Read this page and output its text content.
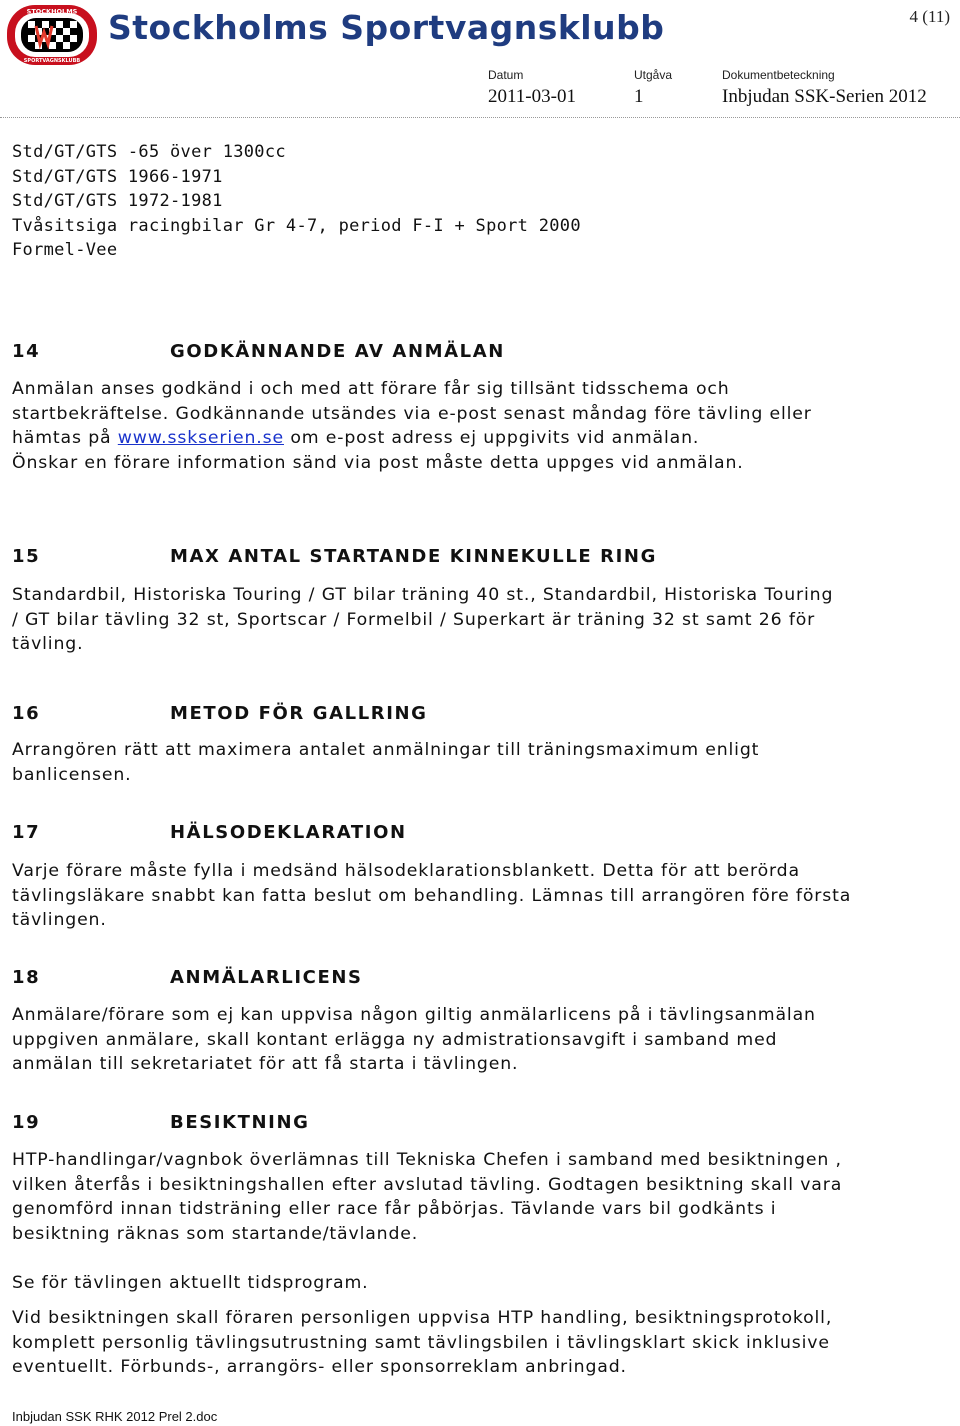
STOCKHOLMS
SPORTVAGNSKLUBB
Stockholms Sportvagnsklubb	4 (11)
Datum	Utgåva	Dokumentbeteckning
2011-03-01	1	Inbjudan SSK-Serien 2012
Std/GT/GTS -65 över 1300cc
Std/GT/GTS 1966-1971
Std/GT/GTS 1972-1981
Tvåsitsiga racingbilar Gr 4-7, period F-I + Sport 2000
Formel-Vee
14	GODKÄNNANDE AV ANMÄLAN
Anmälan anses godkänd i och med att förare får sig tillsänt tidsschema och
startbekräftelse. Godkännande utsändes via e-post senast måndag före tävling eller
hämtas på www.sskserien.se om e-post adress ej uppgivits vid anmälan.
Önskar en förare information sänd via post måste detta uppges vid anmälan.
15	MAX ANTAL STARTANDE KINNEKULLE RING
Standardbil, Historiska Touring / GT bilar träning 40 st., Standardbil, Historiska Touring
/ GT bilar tävling 32 st, Sportscar / Formelbil / Superkart är träning 32 st samt 26 för
tävling.
16	METOD FÖR GALLRING
Arrangören rätt att maximera antalet anmälningar till träningsmaximum enligt
banlicensen.
17	HÄLSODEKLARATION
Varje förare måste fylla i medsänd hälsodeklarationsblankett. Detta för att berörda
tävlingsläkare snabbt kan fatta beslut om behandling. Lämnas till arrangören före första
tävlingen.
18	ANMÄLARLICENS
Anmälare/förare som ej kan uppvisa någon giltig anmälarlicens på i tävlingsanmälan
uppgiven anmälare, skall kontant erlägga ny admistrationsavgift i samband med
anmälan till sekretariatet för att få starta i tävlingen.
19	BESIKTNING
HTP-handlingar/vagnbok överlämnas till Tekniska Chefen i samband med besiktningen ,
vilken återfås i besiktningshallen efter avslutad tävling. Godtagen besiktning skall vara
genomförd innan tidsträning eller race får påbörjas. Tävlande vars bil godkänts i
besiktning räknas som startande/tävlande.
Se för tävlingen aktuellt tidsprogram.
Vid besiktningen skall föraren personligen uppvisa HTP handling, besiktningsprotokoll,
komplett personlig tävlingsutrustning samt tävlingsbilen i tävlingsklart skick inklusive
eventuellt. Förbunds-, arrangörs- eller sponsorreklam anbringad.
Inbjudan SSK RHK 2012 Prel 2.doc
